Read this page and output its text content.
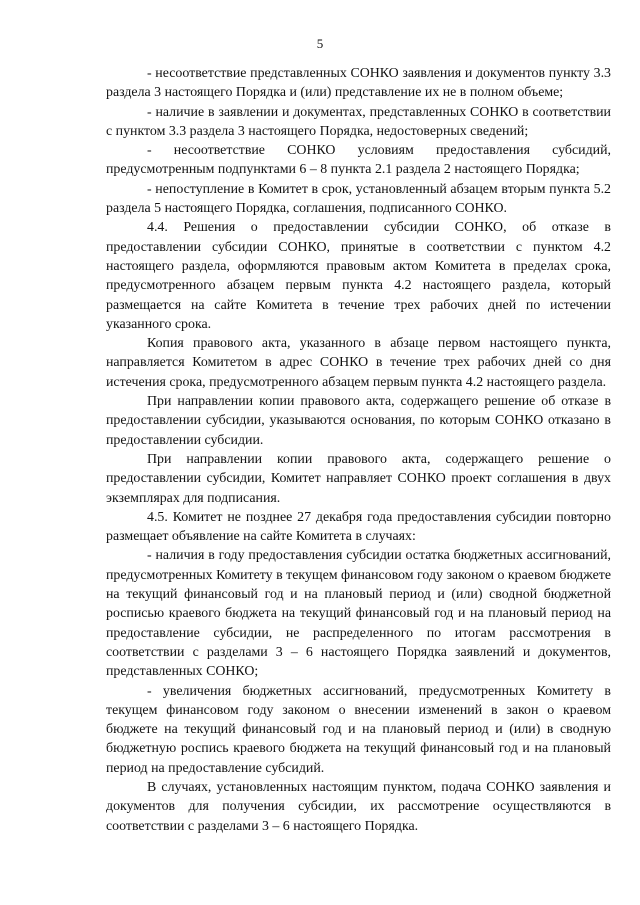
5

- несоответствие представленных СОНКО заявления и документов пункту 3.3 раздела 3 настоящего Порядка и (или) представление их не в полном объеме;

- наличие в заявлении и документах, представленных СОНКО в соответствии с пунктом 3.3 раздела 3 настоящего Порядка, недостоверных сведений;

- несоответствие СОНКО условиям предоставления субсидий, предусмотренным подпунктами 6 – 8 пункта 2.1 раздела 2 настоящего Порядка;

- непоступление в Комитет в срок, установленный абзацем вторым пункта 5.2 раздела 5 настоящего Порядка, соглашения, подписанного СОНКО.

4.4. Решения о предоставлении субсидии СОНКО, об отказе в предоставлении субсидии СОНКО, принятые в соответствии с пунктом 4.2 настоящего раздела, оформляются правовым актом Комитета в пределах срока, предусмотренного абзацем первым пункта 4.2 настоящего раздела, который размещается на сайте Комитета в течение трех рабочих дней по истечении указанного срока.

Копия правового акта, указанного в абзаце первом настоящего пункта, направляется Комитетом в адрес СОНКО в течение трех рабочих дней со дня истечения срока, предусмотренного абзацем первым пункта 4.2 настоящего раздела.

При направлении копии правового акта, содержащего решение об отказе в предоставлении субсидии, указываются основания, по которым СОНКО отказано в предоставлении субсидии.

При направлении копии правового акта, содержащего решение о предоставлении субсидии, Комитет направляет СОНКО проект соглашения в двух экземплярах для подписания.

4.5. Комитет не позднее 27 декабря года предоставления субсидии повторно размещает объявление на сайте Комитета в случаях:

- наличия в году предоставления субсидии остатка бюджетных ассигнований, предусмотренных Комитету в текущем финансовом году законом о краевом бюджете на текущий финансовый год и на плановый период и (или) сводной бюджетной росписью краевого бюджета на текущий финансовый год и на плановый период на предоставление субсидии, не распределенного по итогам рассмотрения в соответствии с разделами 3 – 6 настоящего Порядка заявлений и документов, представленных СОНКО;

- увеличения бюджетных ассигнований, предусмотренных Комитету в текущем финансовом году законом о внесении изменений в закон о краевом бюджете на текущий финансовый год и на плановый период и (или) в сводную бюджетную роспись краевого бюджета на текущий финансовый год и на плановый период на предоставление субсидий.

В случаях, установленных настоящим пунктом, подача СОНКО заявления и документов для получения субсидии, их рассмотрение осуществляются в соответствии с разделами 3 – 6 настоящего Порядка.
